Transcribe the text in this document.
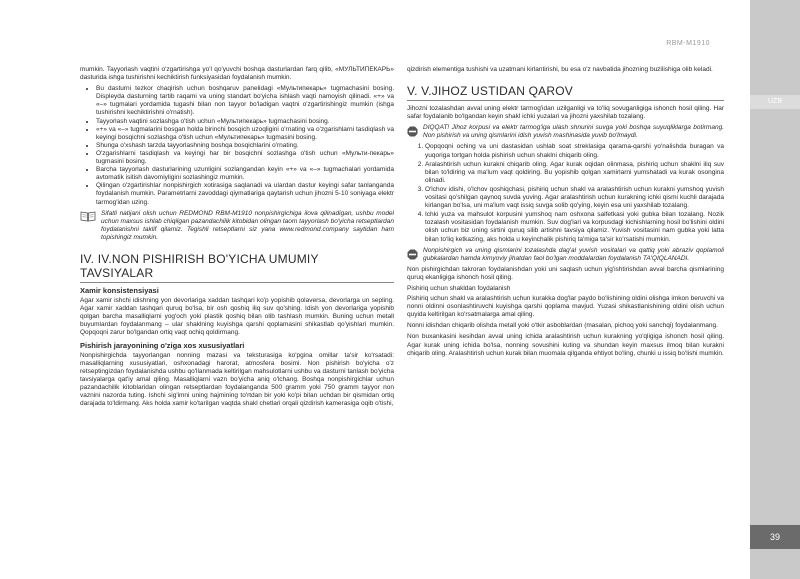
RBM-M1910
UZB
39

mumkin. Tayyorlash vaqtini o'zgartirishga yo'l qo'yuvchi boshqa dasturlardan farq qilib, «MУЛЬТИПЕКАРЬ» dasturida ishga tushirishni kechiktirish funksiyasidan foydalanish mumkin.

• Bu dasturni tezkor chaqirish uchun boshqaruv panelidagi «Мультипекарь» tugmachasini bosing. Displeyda dasturning tartib raqami va uning standart bo'yicha ishlash vaqti namoyish qilinadi. «+» va «–» tugmalari yordamida tugashi bilan non tayyor bo'ladigan vaqtni o'zgartirishingiz mumkin (ishga tushirishni kechiktirishni o'rnatish).
• Tayyorlash vaqtini sozlashga o'tish uchun «Мультипекарь» tugmachasini bosing.
• «+» va «–» tugmalarini bosgan holda birinchi bosqich uzoqligini o'rnating va o'zgarishlarni tasdiqlash va keyingi bosqichni sozlashga o'tish uchun «Мультипекарь» tugmasini bosing.
• Shunga o'xshash tarzda tayyorlashning boshqa bosqichlarini o'rnating.
• O'zgarishlarni tasdiqlash va keyingi har bir bosqichni sozlashga o'tish uchun «Мульти-пекарь» tugmasini bosing.
• Barcha tayyorlash dasturlarining uzunligini sozlangandan keyin «+» va «–» tugmachalari yordamida avtomatik isitish davomiyligini sozlashingiz mumkin.
• Qilingan o'zgartirishlar nonpishirgich xotirasiga saqlanadi va ulardan dastur keyingi safar tanlanganda foydalanish mumkin. Parametrlarni zavoddagi qiymatlariga qaytarish uchun jihozni 5-10 soniyaga elektr tarmog'idan uzing.
Sifatli natijani olish uchun REDMOND RBM-M1910 nonpishirgichiga ilova qilinadigan, ushbu model uchun maxsus ishlab chiqilgan pazandachilik kitobidan olingan taom tayyorlash bo'yicha retseptlardan foydalanishni taklif qilamiz. Tegishli retseptlarni siz yana www.redmond.company saytidan ham topishingiz mumkin.
IV. IV.NON PISHIRISH BO'YICHA UMUMIY TAVSIYALAR
Xamir konsistensiyasi

Agar xamir ishchi idishning yon devorlariga xaddan tashqari ko'p yopishib qolaversa, devorlarga un sepling. Agar xamir xaddan tashqari quruq bo'lsa, bir osh qoshiq iliq suv qo'shing. Idish yon devorlariga yopishib qolgan barcha masalliqlarni yog'och yoki plastik qoshiq bilan olib tashlash mumkin. Buning uchun metall buyumlardan foydalanmang – ular shaklning kuyishga qarshi qoplamasini shikastlab qo'yishlari mumkin. Qopqoqni zarur bo'lgandan ortiq vaqt ochiq qoldirmang.

Pishirish jarayonining o'ziga xos xususiyatlari

Nonpishirgichda tayyorlangan nonning mazasi va teksturasiga ko'pgina omillar ta'sir ko'rsatadi: masalliqlarning xususiyatlari, oshxonadagi harorat, atmosfera bosimi. Non pishirish bo'yicha o'z retseptingizdan foydalanishda ushbu qo'llanmada keltirilgan mahsulotlarni ushbu va dasturni tanlash bo'yicha tavsiyalarga qat'iy amal qiling. Masalliqlarni vazn bo'yicha aniq o'lchang. Boshqa nonpishirgichlar uchun pazandachilik kitoblaridan olingan retseptlardan foydalanganda 500 gramm yoki 750 gramm tayyor non vaznini nazorda tuting. Ishchi sig'imni uning hajmining to'rtdan bir yoki ko'pi bilan uchdan bir qismidan ortiq darajada to'ldirmang. Aks holda xamir ko'tarilgan vaqtda shakl chetlari orqali qizdirish kamerasiga oqib o'tishi,

qizdirish elementiga tushishi va uzatmani kirlantirishi, bu esa o'z navbatida jihozning buzilishiga olib keladi.

V. V.JIHOZ USTIDAN QAROV

Jihozni tozalashdan avval uning elektr tarmog'idan uzilganligi va to'liq sovuganligiga ishonch hosil qiling. Har safar foydalanib bo'lgandan keyin shakl ichki yuzalari va jihozni yaxshilab tozalang.

DIQQAT! Jihoz korpusi va elektr tarmog'iga ulash shnurini suvga yoki boshqa suyuqliklarga botirmang. Non pishirish va uning qismlarini idish yuvish mashinasida yuvib bo'lmaydi.
1. Qopqoqni oching va uni dastasidan ushlab soat streklasiga qarama-qarshi yo'nalishda buragan va yuqoriga tortgan holda pishirish uchun shaklni chiqarib oling.
2. Aralashtirish uchun kurakni chiqarib oling. Agar kurak oqidan olinmasa, pishiriq uchun shaklni iliq suv bilan to'ldiring va ma'lum vaqt qoldiring. Bu yopishib qolgan xamirlarni yumshatadi va kurak osongina olinadi.
3. O'lchov idishi, o'lchov qoshiqchasi, pishiriq uchun shakl va aralashtirish uchun kurakni yumshoq yuvish vositasi qo'shilgan qaynoq suvda yuving. Agar aralashtirish uchun kurakning ichki qismi kuchli darajada kirlangan bo'lsa, uni ma'lum vaqt issiq suvga solib qo'ying, keyin esa uni yaxshilab tozalang.
4. Ichki yuza va mahsulot korpusini yumshoq nam oshxona salfetkasi yoki gubka bilan tozalang. Nozik tozalash vositasidan foydalanish mumkin. Suv dog'lari va korpusdagi kichishlarning hosil bo'lishini oldini olish uchun biz uning sirtini quruq silib artishni tavsiya qilamiz. Yuvish vositasini nam gubka yoki latta bilan to'liq ketkazing, aks holda u keyinchalik pishiriq ta'miga ta'sir ko'rsatishi mumkin.
Nonpishirgich va uning qismlarini tozalashda dag'al yuvish vositalari va qattiq yoki abraziv qoplamoli gubkalardan hamda kimyoviy jihatdan faol bo'lgan moddalardan foydalanish TA'QIQLANADI.

Non pishirgichdan takroran foydalanishdan yoki uni saqlash uchun yig'ishtirishdan avval barcha qismlarining quruq ekanligiga ishonch hosil qiling.

Pishiriq uchun shakldan foydalanish

Pishiriq uchun shakl va aralashtirish uchun kurakka dog'lar paydo bo'lishining oldini olishga imkon beruvchi va nonni oldinni osonlashtiruvchi kuyishga qarshi qoplama mavjud. Yuzasi shikastlanishining oldini olish uchun quyida keltirilgan ko'rsatmalarga amal qiling.

Nonni idishdan chiqarib olishda metall yoki o'tkir asboblardan (masalan, pichoq yoki sanchqi) foydalanmang.

Non buxankasini kesihdan avval uning ichida aralashtirish uchun kurakning yo'qligiga ishonch hosil qiling. Agar kurak uning ichida bo'lsa, nonning sovushini kuting va shundan keyin maxsus ilmoq bilan kurakni chiqarib oling. Aralashtirish uchun kurak bilan muomala qilganda ehtiyot bo'ling, chunki u issiq bo'lishi mumkin.
